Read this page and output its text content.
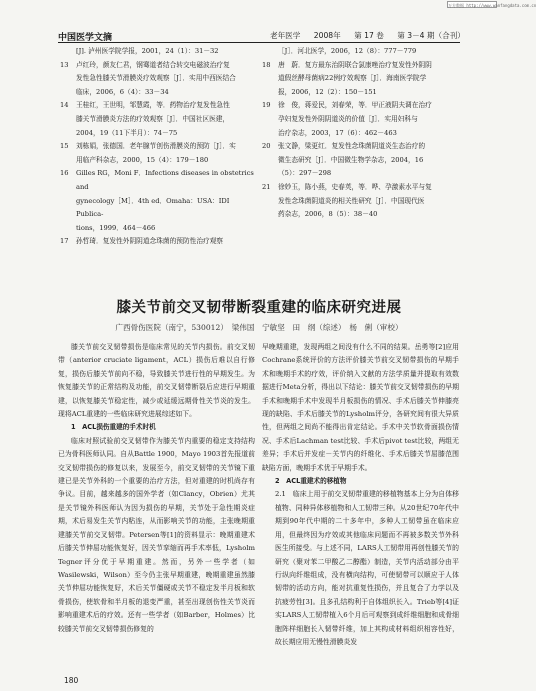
万方数据 http://www.wanfangdata.com.cn
中国医学文摘	老年医学 2008年 第 17 卷 第 3－4 期（合刊）
[J]. 泸州医学院学报，2001，24（1）：31－32
13	卢红玲，颜友仁君，钢骞道者结合转交电磁波治疗复
发性急性膝关节滑膜炎疗效观察［J］．实用中西医结合
临床，2006，6（4）：33－34
14	王桂红，王世明，邹慧霞，等．药物治疗复发性急性
膝关节滑膜炎方法的疗效观察［J］．中国社区医建，
2004，19（11下半月）：74－75
15	刘栋娟，张德国．老年腺节创伤滑膜炎的预防［J］．实
用临产科杂志，2000，15（4）：179－180
16	Gilles RG，Moni F．Infections diseases in obstetrics and
gynecology［M］．4th ed．Omaha：USA：IDI Publica-
tions，1999．464－466
17	孙哲琦．复发性外阴阴道念珠菌的预防性治疗观察
［J］．河北医学，2006，12（8）：777－779
18	唐　蔚．复方最东治阴联合氯康唑治疗复发性外阴阴
道假丝酵母菌病22例疗效观察［J］．海南医学院学
报，2006，12（2）：150－151
19	徐　俊，蒋爱民，刘春荣，等．甲正液阴夫调在治疗
孕妇复发性外阴阴道炎的价值［J］．实用妇科与
治疗杂志，2003，17（6）：462－463
20	张文静，梁更红．复发性念珠菌阴道炎生态治疗的
微生态研究［J］．中国微生物学杂志，2004，16
（5）：297－298
21	徐妙玉，陈小燕，史春英，等．哗、孕激素水平与复
发性念珠菌阴道炎的相关性研究［J］．中国现代医
药杂志，2006，8（5）：38－40
膝关节前交叉韧带断裂重建的临床研究进展
广西骨伤医院（南宁，530012）　梁伟国　宁敏坚　田　纲（综述）　杨　俐（审校）

膝关节前交叉韧带损伤是临床常见的关节内损伤。前交叉韧带（anterior cruciate ligament，ACL）损伤后难以自行修复，损伤后膝关节前向不稳，导致膝关节进行性的早期发生。为恢复膝关节的正常结构及功能，前交叉韧带断裂后应进行早期重建，以恢复膝关节稳定性，减少或延缓远期骨性关节炎的发生。现将ACL重建的一些临床研究进展综述如下。

1　ACL损伤重建的手术时机

临床对照试验前交叉韧带作为膝关节内重要的稳定支持结构已为骨科医师认同。自从Battle 1900，Mayo 1903首先报道前交叉韧带损伤的修复以来，发展至今，前交叉韧带的关节镜下重建已是关节外科的一个重要的治疗方法，但对重建的时机尚存有争议。目前，越来越多的国外学者（如Clancy，Obrien）尤其是关节镜外科医师认为因为损伤的早期，关节处于急性期炎症期，术后易发生关节内粘连，从而影响关节的功能，主张晚期重建膝关节前交叉韧带。Petersen等[1]的资料显示：晚期重建术后膝关节伸屈功能恢复好，因关节挛缩而再手术率低，Lysholm Tegner评分优于早期重建。然而，另外一些学者（如Wasilewski，Wilson）至今仍主张早期重建，晚期重建虽然膝关节伸屈功能恢复好，术后关节僵硬或关节不稳定发半月板和软骨损伤，使软骨和半月板的退变严重，甚至出现创伤性关节炎而影响重建术后的疗效。还有一些学者（如Barber，Holmes）比较膝关节前交叉韧带损伤修复的

早晚期重建，发现两组之间没有什么不同的结果。岳勇等[2]应用Cochrane系统评价的方法评价膝关节前交叉韧带损伤的早期手术和晚期手术的疗效，评价纳入文献的方法学质量并提取有效数据进行Meta分析，得出以下结论：膝关节前交叉韧带损伤的早期手术和晚期手术中发现半月板损伤的情况、手术后膝关节伸膝亮现的缺陷、手术后膝关节的Lysholm评分，各研究间有很大异质性，但两组之间尚不能得出肯定结论。手术中关节软骨面损伤情况、手术后Lachman test比较、手术后pivot test比较，两组无差异；手术后并发症－关节内的纤维化、手术后膝关节屈膝范围缺陷方面，晚期手术优于早期手术。

2　ACL重建术的移植物

2.1　临床上用于前交叉韧带重建的移植物基本上分为自体移植物、同种异体移植物和人工韧带三种。从20世纪70年代中期到90年代中期的二十多年中，多种人工韧带虽在临床应用，但最终因为疗效或其他临床问题而不再被多数关节外科医生所接受。与上述不同，LARS人工韧带用再创性膝关节的研究（聚对苯二甲酸乙二醇酯）制造，关节内活动部分由平行纵向纤维组成，没有横向结构，可使韧带可以顺应于人体韧带的活动方向，能对抗重复性损伤，并且复合了力学以及抗疲劳性[3]。且多孔结构利于自体组织长入。Trieb等[4]证实LARS人工韧带植入6个月后可观察到成纤维细胞和成骨细胞阵样细胞长入韧带纤维，加上其构成材料组织相容性好，故长期应用无慢性滑膜炎发

180
